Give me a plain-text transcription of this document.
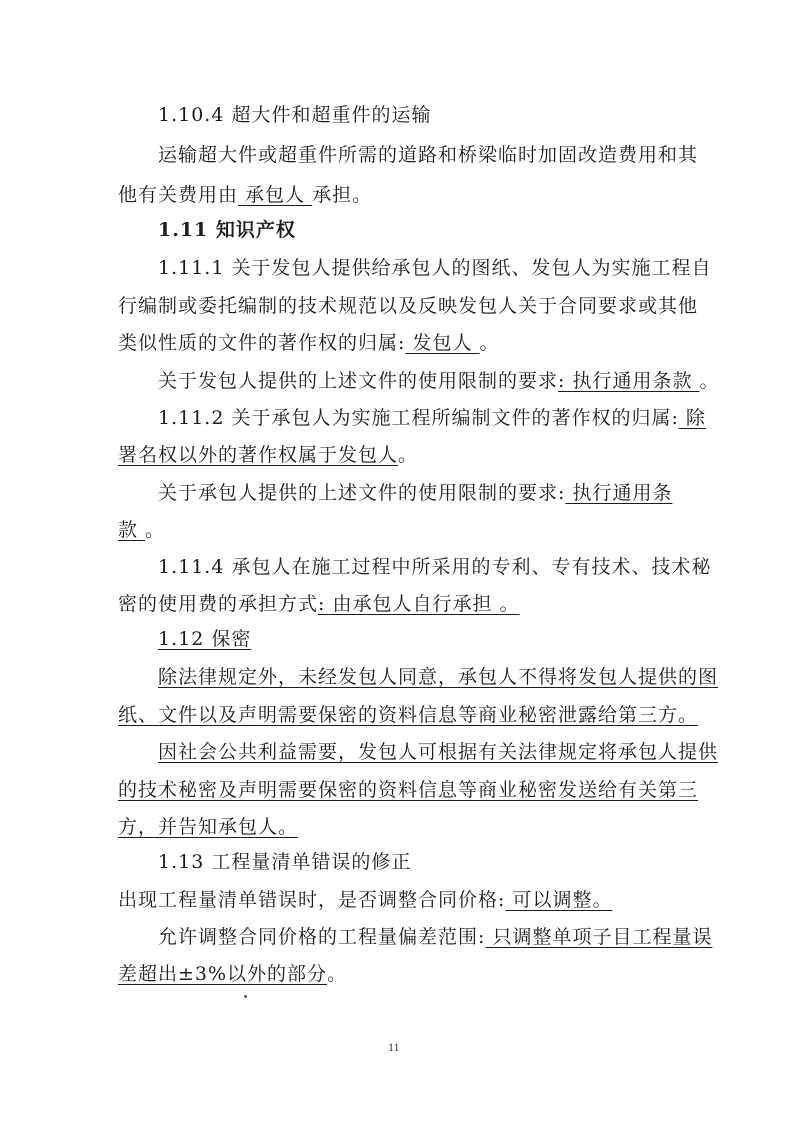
1.10.4 超大件和超重件的运输
运输超大件或超重件所需的道路和桥梁临时加固改造费用和其
他有关费用由 承包人 承担。
1.11 知识产权
1.11.1 关于发包人提供给承包人的图纸、发包人为实施工程自
行编制或委托编制的技术规范以及反映发包人关于合同要求或其他
类似性质的文件的著作权的归属: 发包人 。
关于发包人提供的上述文件的使用限制的要求: 执行通用条款 。
1.11.2 关于承包人为实施工程所编制文件的著作权的归属: 除
署名权以外的著作权属于发包人。
关于承包人提供的上述文件的使用限制的要求: 执行通用条
款 。
1.11.4 承包人在施工过程中所采用的专利、专有技术、技术秘
密的使用费的承担方式: 由承包人自行承担 。
1.12 保密
除法律规定外，未经发包人同意，承包人不得将发包人提供的图
纸、文件以及声明需要保密的资料信息等商业秘密泄露给第三方。
因社会公共利益需要，发包人可根据有关法律规定将承包人提供
的技术秘密及声明需要保密的资料信息等商业秘密发送给有关第三
方，并告知承包人。
1.13 工程量清单错误的修正
出现工程量清单错误时，是否调整合同价格: 可以调整。
允许调整合同价格的工程量偏差范围: 只调整单项子目工程量误
差超出±3%以外的部分。
11
